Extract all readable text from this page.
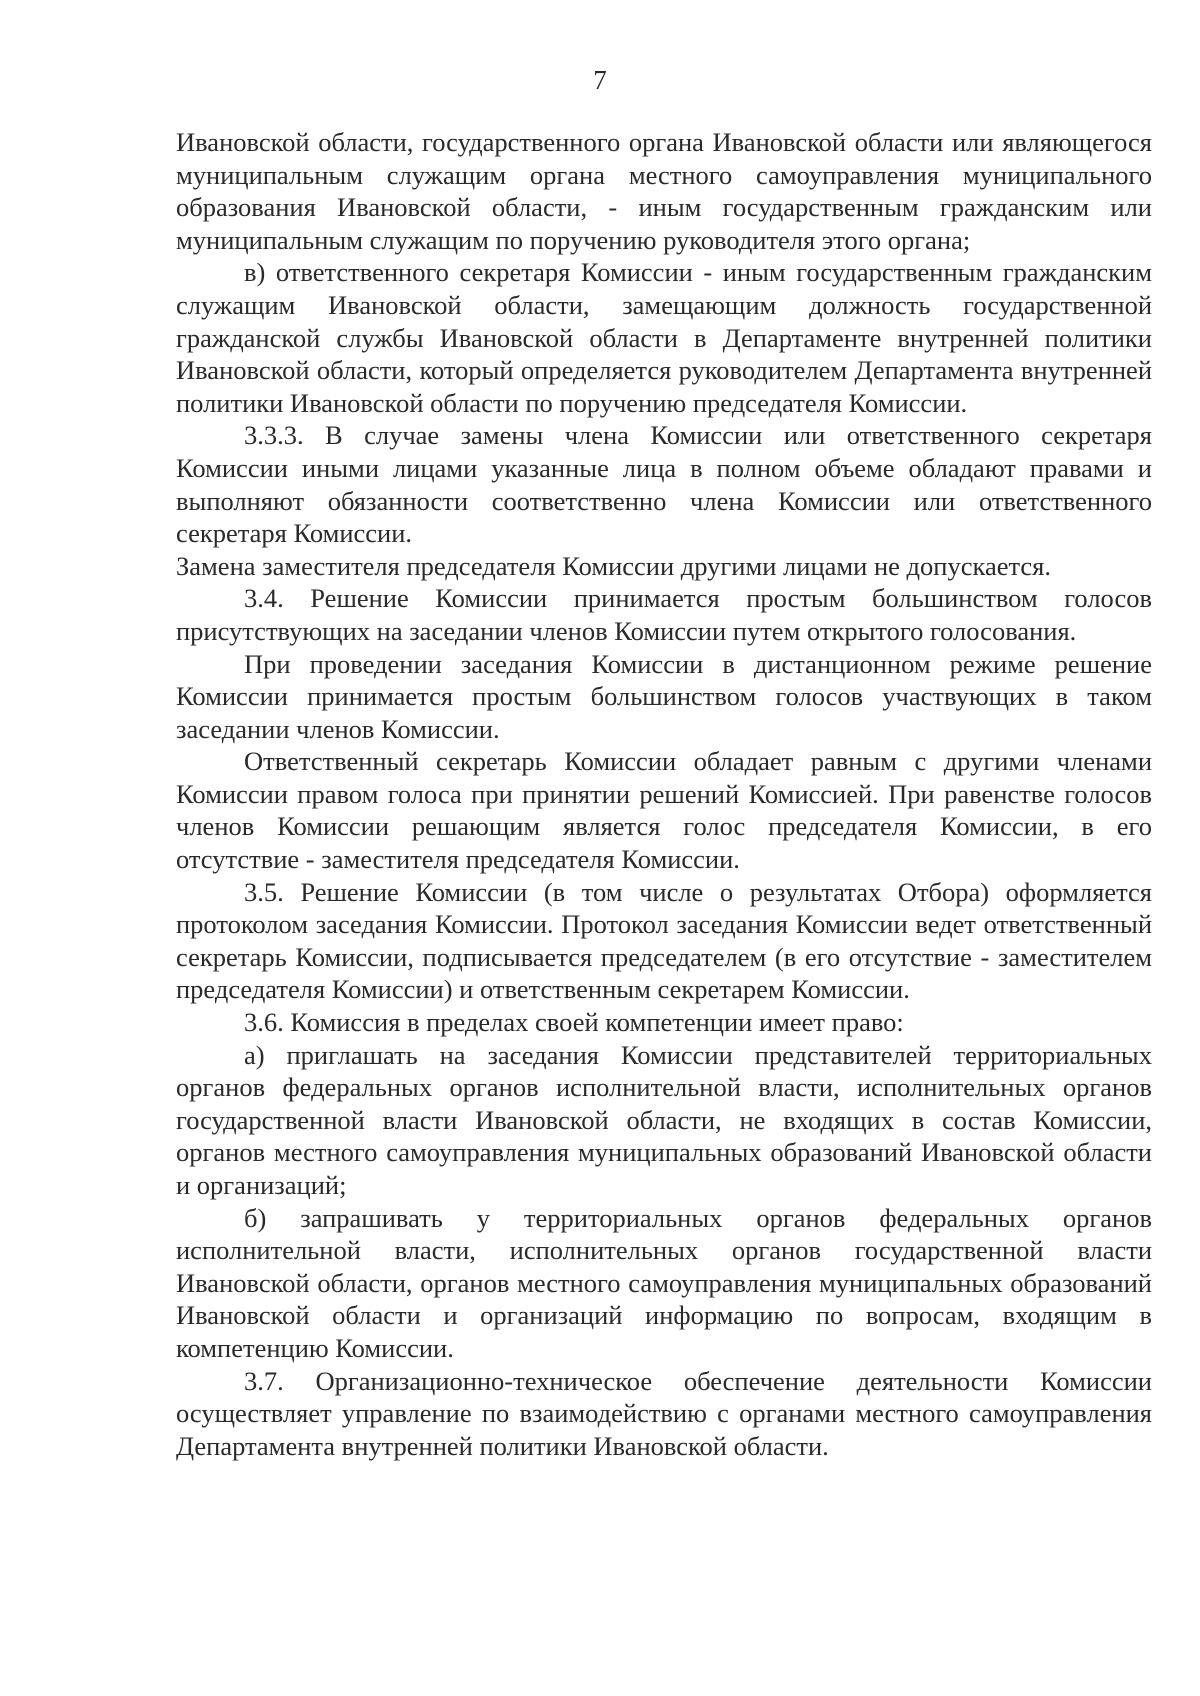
7

Ивановской области, государственного органа Ивановской области или являющегося муниципальным служащим органа местного самоуправления муниципального образования Ивановской области, - иным государственным гражданским или муниципальным служащим по поручению руководителя этого органа;

в) ответственного секретаря Комиссии - иным государственным гражданским служащим Ивановской области, замещающим должность государственной гражданской службы Ивановской области в Департаменте внутренней политики Ивановской области, который определяется руководителем Департамента внутренней политики Ивановской области по поручению председателя Комиссии.

3.3.3. В случае замены члена Комиссии или ответственного секретаря Комиссии иными лицами указанные лица в полном объеме обладают правами и выполняют обязанности соответственно члена Комиссии или ответственного секретаря Комиссии.

Замена заместителя председателя Комиссии другими лицами не допускается.

3.4. Решение Комиссии принимается простым большинством голосов присутствующих на заседании членов Комиссии путем открытого голосования.

При проведении заседания Комиссии в дистанционном режиме решение Комиссии принимается простым большинством голосов участвующих в таком заседании членов Комиссии.

Ответственный секретарь Комиссии обладает равным с другими членами Комиссии правом голоса при принятии решений Комиссией. При равенстве голосов членов Комиссии решающим является голос председателя Комиссии, в его отсутствие - заместителя председателя Комиссии.

3.5. Решение Комиссии (в том числе о результатах Отбора) оформляется протоколом заседания Комиссии. Протокол заседания Комиссии ведет ответственный секретарь Комиссии, подписывается председателем (в его отсутствие - заместителем председателя Комиссии) и ответственным секретарем Комиссии.

3.6. Комиссия в пределах своей компетенции имеет право:

а) приглашать на заседания Комиссии представителей территориальных органов федеральных органов исполнительной власти, исполнительных органов государственной власти Ивановской области, не входящих в состав Комиссии, органов местного самоуправления муниципальных образований Ивановской области и организаций;

б) запрашивать у территориальных органов федеральных органов исполнительной власти, исполнительных органов государственной власти Ивановской области, органов местного самоуправления муниципальных образований Ивановской области и организаций информацию по вопросам, входящим в компетенцию Комиссии.

3.7. Организационно-техническое обеспечение деятельности Комиссии осуществляет управление по взаимодействию с органами местного самоуправления Департамента внутренней политики Ивановской области.
